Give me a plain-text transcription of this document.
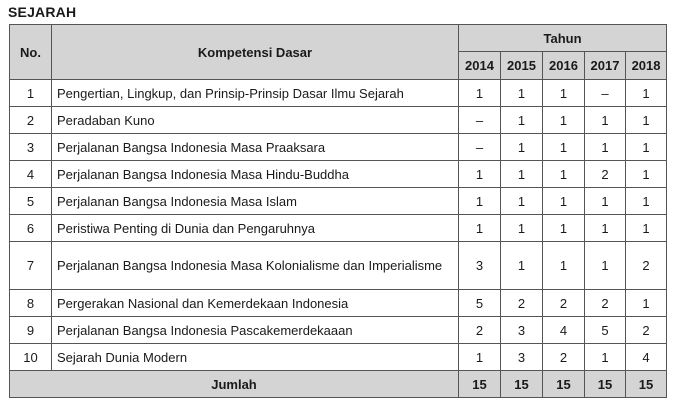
SEJARAH
No.	Kompetensi Dasar	Tahun				
		2014	2015	2016	2017	2018
1	Pengertian, Lingkup, dan Prinsip-Prinsip Dasar Ilmu Sejarah	1	1	1	–	1
2	Peradaban Kuno	–	1	1	1	1
3	Perjalanan Bangsa Indonesia Masa Praaksara	–	1	1	1	1
4	Perjalanan Bangsa Indonesia Masa Hindu-Buddha	1	1	1	2	1
5	Perjalanan Bangsa Indonesia Masa Islam	1	1	1	1	1
6	Peristiwa Penting di Dunia dan Pengaruhnya	1	1	1	1	1
7	Perjalanan Bangsa Indonesia Masa Kolonialisme dan Imperialisme	3	1	1	1	2
8	Pergerakan Nasional dan Kemerdekaan Indonesia	5	2	2	2	1
9	Perjalanan Bangsa Indonesia Pascakemerdekaaan	2	3	4	5	2
10	Sejarah Dunia Modern	1	3	2	1	4
Jumlah		15	15	15	15	15
